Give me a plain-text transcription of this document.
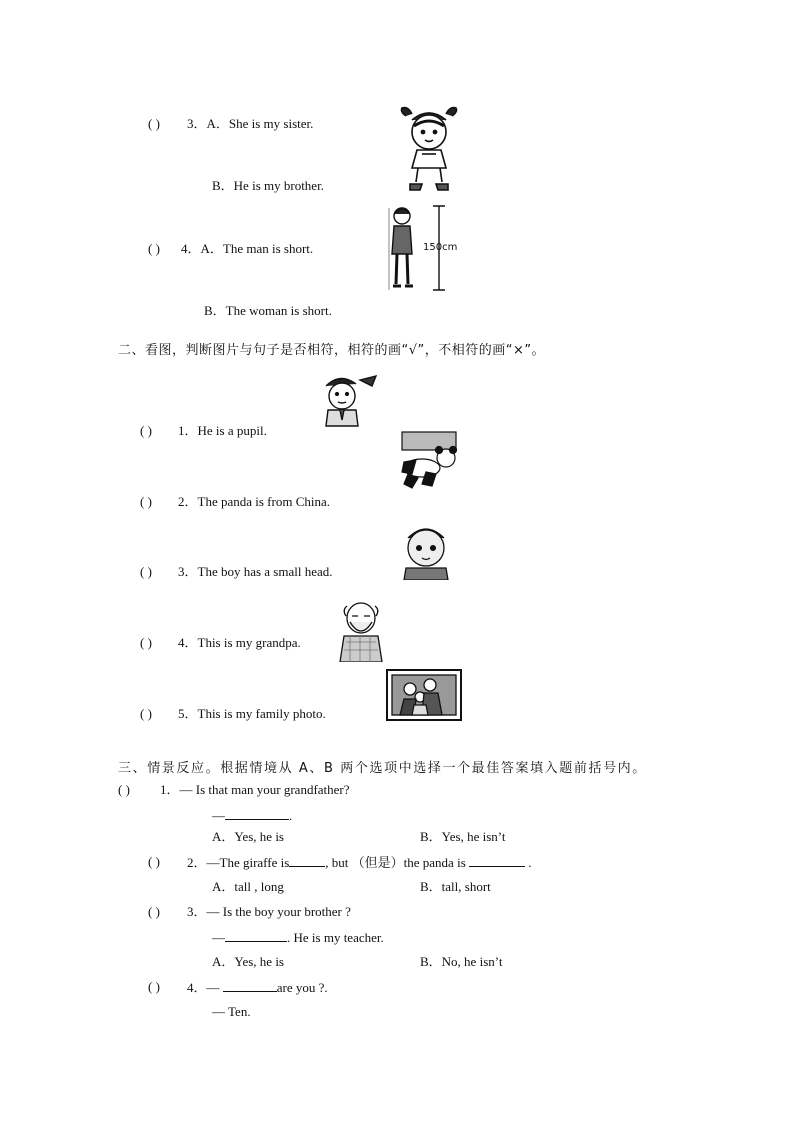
( ) 3．A．She is my sister.
B．He is my brother.
( ) 4．A．The man is short.
B．The woman is short.
150cm
二、看图，判断图片与句子是否相符，相符的画“√”，不相符的画“×”。
( ) 1．He is a pupil.
( ) 2．The panda is from China.
( ) 3．The boy has a small head.
( ) 4．This is my grandpa.
( ) 5．This is my family photo.
三、情景反应。根据情境从 A、B 两个选项中选择一个最佳答案填入题前括号内。
( ) 1．— Is that man your grandfather?
—	.
A．Yes, he is	B．Yes, he isn’t
( ) 2．—The giraffe is	, but （但是）the panda is	.
A．tall , long	B．tall, short
( ) 3．— Is the boy your brother ?
—	. He is my teacher.
A．Yes, he is	B．No, he isn’t
( ) 4．—	are you ?.
— Ten.
